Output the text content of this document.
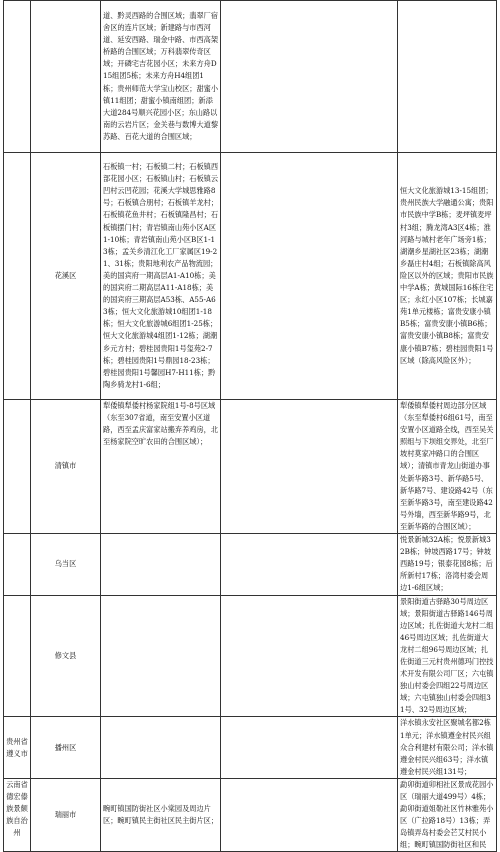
		道、黔灵西路的合围区域；翡翠厂宿舍区的连片区域；新建路与市西河道、延安西路、瑞金中路、市西高架桥路的合围区域；万科翡翠传奇区域；开磷宅吉花园小区；未来方舟D15组团5栋；未来方舟H4组团1栋；贵州师范大学宝山校区；甜蜜小镇11组团；甜蜜小镇南组团；新添大道284号顺兴花园小区；东山路以南的云岩片区；金关巷与数博大道黎苏路、百花大道的合围区域；		
	花溪区	石板镇一村；石板镇二村；石板镇西部花园小区；石板镇山村；石板镇云凹村云凹花园；花溪大学城思雅路8号；石板镇合朋村；石板镇羊龙村；石板镇花鱼井村；石板镇隆昌村；石板镇摆门村；青岩镇南山苑小区A区1-10栋；青岩镇南山苑小区B区1-13栋；孟关乡清江化工厂家属区19-21、31栋；贵阳地利农产品物流园；美的国宾府一期高层A1-A10栋；美的国宾府二期高层A11-A18栋；美的国宾府三期高层A53栋、A55-A63栋；恒大文化旅游城10组团1-18栋；恒大文化旅游城6组团1-25栋；恒大文化旅游城4组团1-12栋；湖潮乡元方村；碧桂园贵阳1号玺苑2-7栋；碧桂园贵阳1号鼎园18-23栋；碧桂园贵阳1号馨园H7-H11栋；黔陶乡骑龙村1-6组；		恒大文化旅游城13-15组团；贵州民族大学融通公寓；贵阳市民族中学B栋；麦坪镇麦坪村3组；腾龙湾A3区4栋；淮河路与城村老年广场旁1栋；湖潮乡星湖社区23栋；湖潮乡磊庄村4组；石板镇除高风险区以外的区域；贵阳市民族中学A栋；黄城国际16栋住宅区；永红小区107栋；长城嘉苑1单元楼栋；富贵安康小镇B5栋；富贵安康小镇B6栋；富贵安康小镇B8栋；富贵安康小镇B7栋；碧桂园贵阳1号区域（除高风险区外）；
	清镇市	犁倭镇犁倭村杨家院组1号-8号区域（东至307省道，南至安置小区道路，西至孟庆富家站搬弃养鸡房，北至杨家院空旷农田的合围区域）；		犁倭镇犁倭村周边部分区域（东至犁倭村6组61号，南至安置小区道路全线，西至吴关照组与下坝组交界处，北至厂坡村莫家冲路口的合围区域）；清镇市青龙山街道办事处新华路3号、新华路5号、新华路7号、建设路42号（东至新华路3号，南至建设路42号外墙，西至新华路9号，北至新华路的合围区域）；
	乌当区			悦景新城32A栋；悦景新城32B栋；钟坡西路17号；钟坡西路19号；银泰花园8栋；后所新村17栋；洛湾村委会周边1-6组区域；
	修文县			景阳街道古驿路30号周边区域；景阳街道古驿路146号周边区域；扎佐街道大龙村二组46号周边区域；扎佐街道大龙村二组96号周边区域；扎佐街道三元村贵州德玛门控技术开发有限公司厂区；六屯镇独山村委会四组22号周边区域；六屯镇独山村委会四组31号、32号周边区域；
贵州省遵义市	播州区			洋水镇永安社区聚城名都2栋1单元；洋水镇遵金村民兴组众合利建材有限公司；洋水镇遵金村民兴组63号；洋水镇遵金村民兴组131号；
云南省德宏傣族景颇族自治州	瑞丽市	畹町镇国防街社区小棠园及周边片区；畹町镇民主街社区民主街片区；		勐卯街道卯相社区景成花园小区（瑞丽大道499号）4栋；勐卯街道姐勒社区竹林雅苑小区（广拉路18号）13栋；弄岛镇弄岛村委会芒艾村民小组；畹町镇国防街社区和民
